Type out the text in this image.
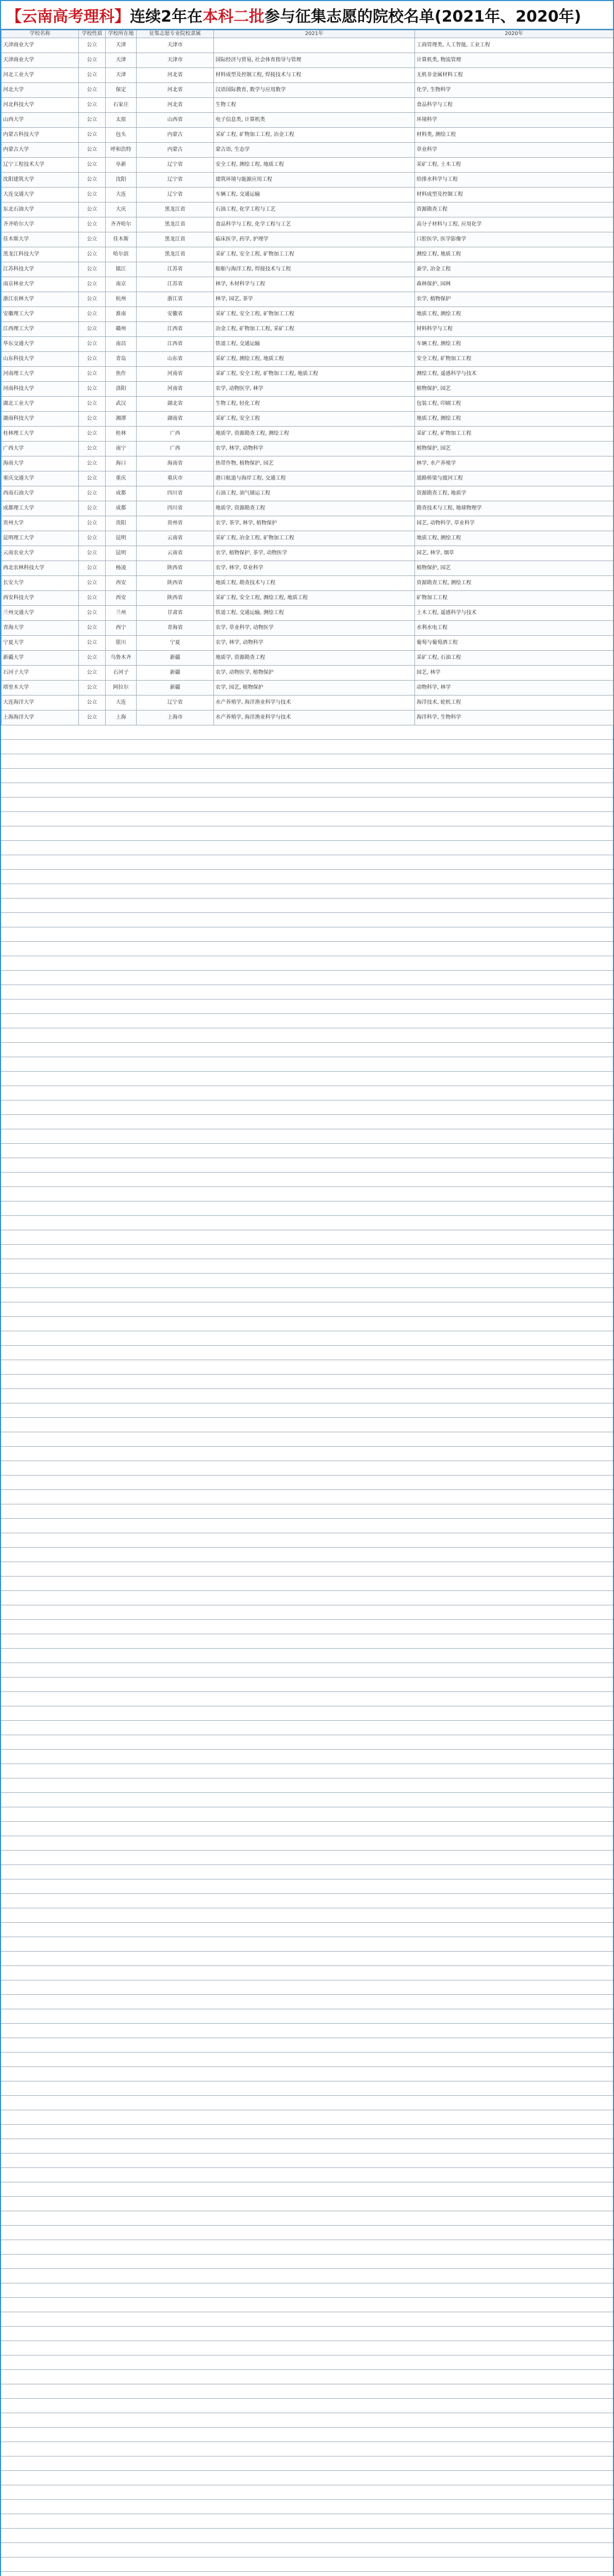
【云南高考理科】 连续2年在 本科二批 参与征集志愿的院校名单(2021年、2020年)
学校名称	学校性质	学校所在地	征集志愿专业院校隶属	2021年	2020年
天津商业大学	公立	天津	天津市		工商管理类, 人工智能, 工业工程
天津商业大学	公立	天津	天津市	国际经济与贸易, 社会体育指导与管理	计算机类, 物流管理
河北工业大学	公立	天津	河北省	材料成型及控制工程, 焊接技术与工程	无机非金属材料工程
河北大学	公立	保定	河北省	汉语国际教育, 数学与应用数学	化学, 生物科学
河北科技大学	公立	石家庄	河北省	生物工程	食品科学与工程
山西大学	公立	太原	山西省	电子信息类, 计算机类	环境科学
内蒙古科技大学	公立	包头	内蒙古	采矿工程, 矿物加工工程, 冶金工程	材料类, 测绘工程
内蒙古大学	公立	呼和浩特	内蒙古	蒙古语, 生态学	草业科学
辽宁工程技术大学	公立	阜新	辽宁省	安全工程, 测绘工程, 地质工程	采矿工程, 土木工程
沈阳建筑大学	公立	沈阳	辽宁省	建筑环境与能源应用工程	给排水科学与工程
大连交通大学	公立	大连	辽宁省	车辆工程, 交通运输	材料成型及控制工程
东北石油大学	公立	大庆	黑龙江省	石油工程, 化学工程与工艺	资源勘查工程
齐齐哈尔大学	公立	齐齐哈尔	黑龙江省	食品科学与工程, 化学工程与工艺	高分子材料与工程, 应用化学
佳木斯大学	公立	佳木斯	黑龙江省	临床医学, 药学, 护理学	口腔医学, 医学影像学
黑龙江科技大学	公立	哈尔滨	黑龙江省	采矿工程, 安全工程, 矿物加工工程	测绘工程, 地质工程
江苏科技大学	公立	镇江	江苏省	船舶与海洋工程, 焊接技术与工程	蚕学, 冶金工程
南京林业大学	公立	南京	江苏省	林学, 木材科学与工程	森林保护, 园林
浙江农林大学	公立	杭州	浙江省	林学, 园艺, 茶学	农学, 植物保护
安徽理工大学	公立	淮南	安徽省	采矿工程, 安全工程, 矿物加工工程	地质工程, 测绘工程
江西理工大学	公立	赣州	江西省	冶金工程, 矿物加工工程, 采矿工程	材料科学与工程
华东交通大学	公立	南昌	江西省	铁道工程, 交通运输	车辆工程, 测绘工程
山东科技大学	公立	青岛	山东省	采矿工程, 测绘工程, 地质工程	安全工程, 矿物加工工程
河南理工大学	公立	焦作	河南省	采矿工程, 安全工程, 矿物加工工程, 地质工程	测绘工程, 遥感科学与技术
河南科技大学	公立	洛阳	河南省	农学, 动物医学, 林学	植物保护, 园艺
湖北工业大学	公立	武汉	湖北省	生物工程, 轻化工程	包装工程, 印刷工程
湖南科技大学	公立	湘潭	湖南省	采矿工程, 安全工程	地质工程, 测绘工程
桂林理工大学	公立	桂林	广西	地质学, 资源勘查工程, 测绘工程	采矿工程, 矿物加工工程
广西大学	公立	南宁	广西	农学, 林学, 动物科学	植物保护, 园艺
海南大学	公立	海口	海南省	热带作物, 植物保护, 园艺	林学, 水产养殖学
重庆交通大学	公立	重庆	重庆市	港口航道与海岸工程, 交通工程	道路桥梁与渡河工程
西南石油大学	公立	成都	四川省	石油工程, 油气储运工程	资源勘查工程, 地质学
成都理工大学	公立	成都	四川省	地质学, 资源勘查工程	勘查技术与工程, 地球物理学
贵州大学	公立	贵阳	贵州省	农学, 茶学, 林学, 植物保护	园艺, 动物科学, 草业科学
昆明理工大学	公立	昆明	云南省	采矿工程, 冶金工程, 矿物加工工程	地质工程, 测绘工程
云南农业大学	公立	昆明	云南省	农学, 植物保护, 茶学, 动物医学	园艺, 林学, 烟草
西北农林科技大学	公立	杨凌	陕西省	农学, 林学, 草业科学	植物保护, 园艺
长安大学	公立	西安	陕西省	地质工程, 勘查技术与工程	资源勘查工程, 测绘工程
西安科技大学	公立	西安	陕西省	采矿工程, 安全工程, 测绘工程, 地质工程	矿物加工工程
兰州交通大学	公立	兰州	甘肃省	铁道工程, 交通运输, 测绘工程	土木工程, 遥感科学与技术
青海大学	公立	西宁	青海省	农学, 草业科学, 动物医学	水利水电工程
宁夏大学	公立	银川	宁夏	农学, 林学, 动物科学	葡萄与葡萄酒工程
新疆大学	公立	乌鲁木齐	新疆	地质学, 资源勘查工程	采矿工程, 石油工程
石河子大学	公立	石河子	新疆	农学, 动物医学, 植物保护	园艺, 林学
塔里木大学	公立	阿拉尔	新疆	农学, 园艺, 植物保护	动物科学, 林学
大连海洋大学	公立	大连	辽宁省	水产养殖学, 海洋渔业科学与技术	海洋技术, 轮机工程
上海海洋大学	公立	上海	上海市	水产养殖学, 海洋渔业科学与技术	海洋科学, 生物科学
